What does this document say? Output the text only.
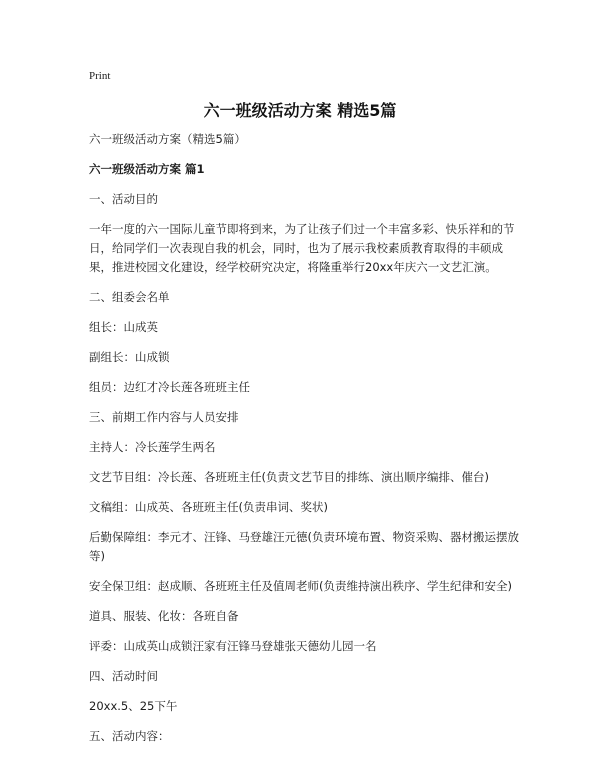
Print
六一班级活动方案 精选5篇

六一班级活动方案（精选5篇）

六一班级活动方案 篇1

一、活动目的

一年一度的六一国际儿童节即将到来，为了让孩子们过一个丰富多彩、快乐祥和的节日，给同学们一次表现自我的机会，同时，也为了展示我校素质教育取得的丰硕成果，推进校园文化建设，经学校研究决定，将隆重举行20xx年庆六一文艺汇演。

二、组委会名单

组长：山成英

副组长：山成锁

组员：边红才冷长莲各班班主任

三、前期工作内容与人员安排

主持人：冷长莲学生两名

文艺节目组：冷长莲、各班班主任(负责文艺节目的排练、演出顺序编排、催台)

文稿组：山成英、各班班主任(负责串词、奖状)

后勤保障组：李元才、汪锋、马登雄汪元德(负责环境布置、物资采购、器材搬运摆放等)

安全保卫组：赵成顺、各班班主任及值周老师(负责维持演出秩序、学生纪律和安全)

道具、服装、化妆：各班自备

评委：山成英山成锁汪家有汪锋马登雄张天德幼儿园一名

四、活动时间

20xx.5、25下午

五、活动内容：
